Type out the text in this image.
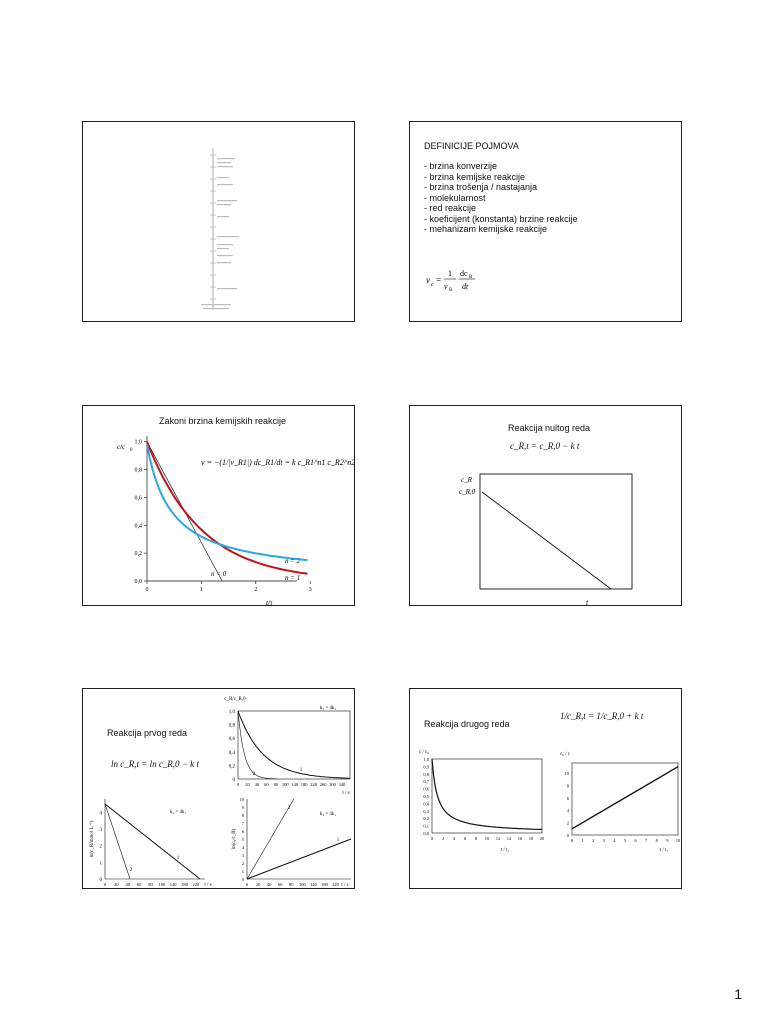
DEFINICIJE POJMOVA
- brzina konverzije
- brzina kemijske reakcije
- brzina trošenja / nastajanja
- molekularnost
- red reakcije
- koeficijent (konstanta) brzine reakcije
- mehanizam kemijske reakcije
v c =
1
ν B
dc B
dt
Zakoni brzina kemijskih reakcije
c/c 0
t/τ
v = −(1/|ν_R1|) dc_R1/dt = k c_R1^n1 c_R2^n2
n = 2
n = 1
n = 0
0	1	2	3
0,0
0,2
0,4
0,6
0,8
1,0
Reakcija nultog reda
c_R,t = c_R,0 − k t
c_R
c_R,0
t
Reakcija prvog reda
ln c_R,t = ln c_R,0 − k t
c_R/c_R,0
k₂ = 4k₁
0
0,2
0,4
0,6
0,8
1,0
0 20 40 60 80 100 140 180 220 260 300 340
t / s
1
2
ln(c_R/mmol L⁻¹)
k₂ = 4k₁
0
1
2
3
4
0 20 40 60 80 100 140 180 220 t / s
1
2
ln(c₀/c_R)
k₂ = 4k₁
0
1
2
3
4
5
6
7
8
9
10
0 20 40 60 80 100 140 180 220 t / s
1
2
Reakcija drugog reda
1/c_R,t = 1/c_R,0 + k t
c / c₀
0,0
0,1
0,2
0,3
0,4
0,5
0,6
0,7
0,8
0,9
1,0
0 2 4 6 8 10 12 14 16 18 20
t / t₁
c₀ / c
0
2
4
6
8
10
0 1 2 3 4 5 6 7 8 9 10
t / t₁
1
